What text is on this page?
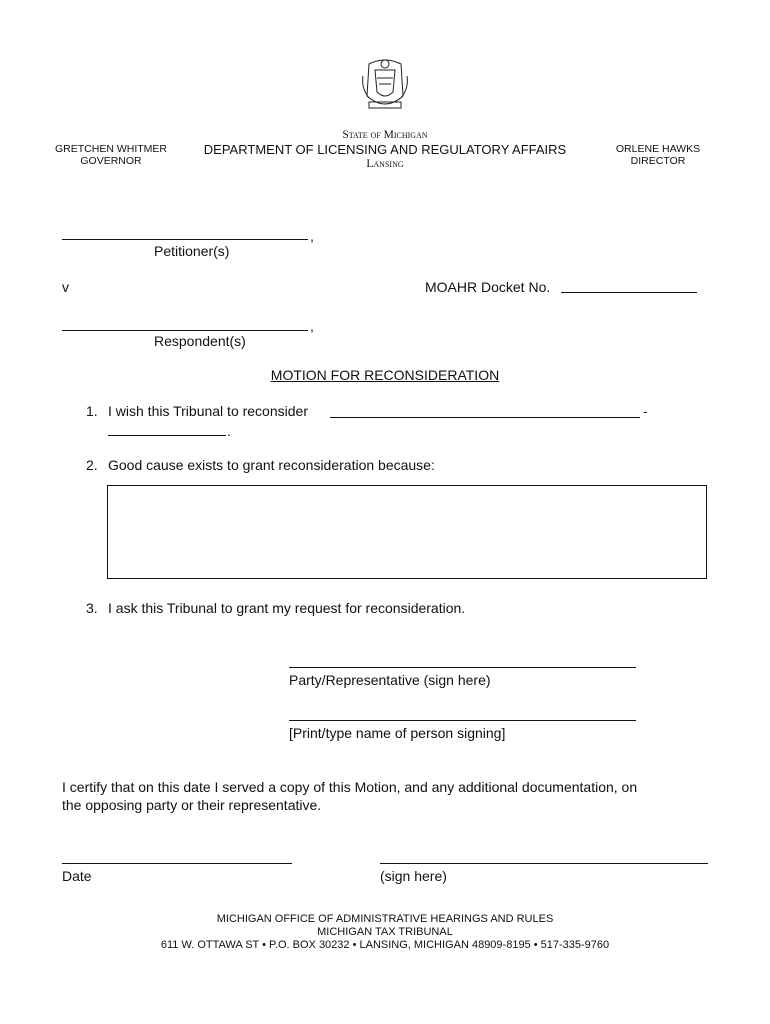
GRETCHEN WHITMER
GOVERNOR
State of Michigan
DEPARTMENT OF LICENSING AND REGULATORY AFFAIRS
Lansing
ORLENE HAWKS
DIRECTOR
,
Petitioner(s)
v	MOAHR Docket No.
,
Respondent(s)
MOTION FOR RECONSIDERATION
1. I wish this Tribunal to reconsider	-
.
2. Good cause exists to grant reconsideration because:
3. I ask this Tribunal to grant my request for reconsideration.
Party/Representative (sign here)
[Print/type name of person signing]
I certify that on this date I served a copy of this Motion, and any additional documentation, on
the opposing party or their representative.
Date	(sign here)
MICHIGAN OFFICE OF ADMINISTRATIVE HEARINGS AND RULES
MICHIGAN TAX TRIBUNAL
611 W. OTTAWA ST • P.O. BOX 30232 • LANSING, MICHIGAN 48909-8195 • 517-335-9760
